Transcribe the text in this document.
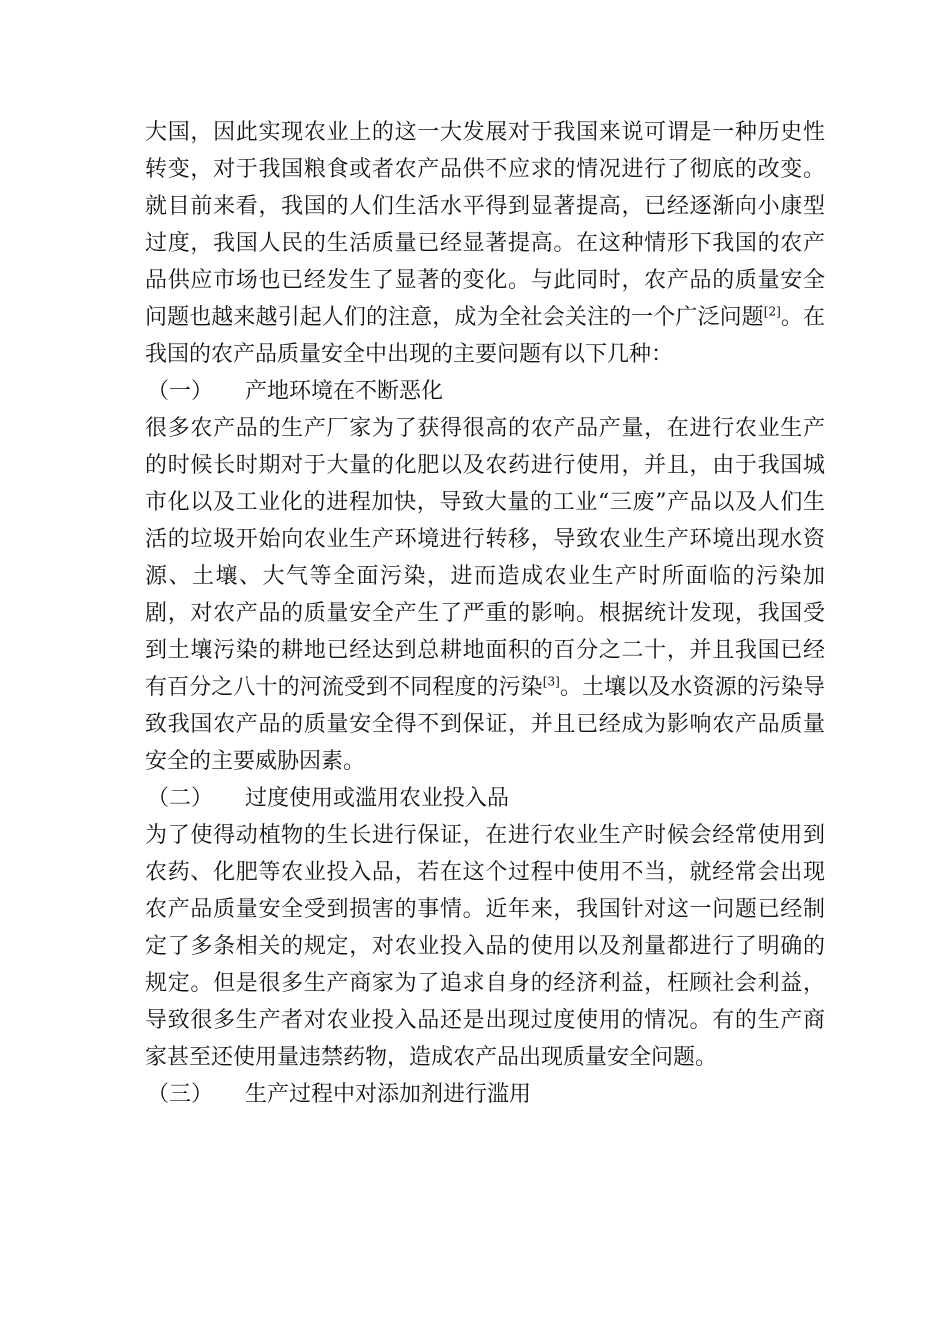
大国，因此实现农业上的这一大发展对于我国来说可谓是一种历史性转变，对于我国粮食或者农产品供不应求的情况进行了彻底的改变。就目前来看，我国的人们生活水平得到显著提高，已经逐渐向小康型过度，我国人民的生活质量已经显著提高。在这种情形下我国的农产品供应市场也已经发生了显著的变化。与此同时，农产品的质量安全问题也越来越引起人们的注意，成为全社会关注的一个广泛问题[2]。在我国的农产品质量安全中出现的主要问题有以下几种：

（一）	产地环境在不断恶化

很多农产品的生产厂家为了获得很高的农产品产量，在进行农业生产的时候长时期对于大量的化肥以及农药进行使用，并且，由于我国城市化以及工业化的进程加快，导致大量的工业“三废”产品以及人们生活的垃圾开始向农业生产环境进行转移，导致农业生产环境出现水资源、土壤、大气等全面污染，进而造成农业生产时所面临的污染加剧，对农产品的质量安全产生了严重的影响。根据统计发现，我国受到土壤污染的耕地已经达到总耕地面积的百分之二十，并且我国已经有百分之八十的河流受到不同程度的污染[3]。土壤以及水资源的污染导致我国农产品的质量安全得不到保证，并且已经成为影响农产品质量安全的主要威胁因素。

（二）	过度使用或滥用农业投入品

为了使得动植物的生长进行保证，在进行农业生产时候会经常使用到农药、化肥等农业投入品，若在这个过程中使用不当，就经常会出现农产品质量安全受到损害的事情。近年来，我国针对这一问题已经制定了多条相关的规定，对农业投入品的使用以及剂量都进行了明确的规定。但是很多生产商家为了追求自身的经济利益，枉顾社会利益，导致很多生产者对农业投入品还是出现过度使用的情况。有的生产商家甚至还使用量违禁药物，造成农产品出现质量安全问题。

（三）	生产过程中对添加剂进行滥用
